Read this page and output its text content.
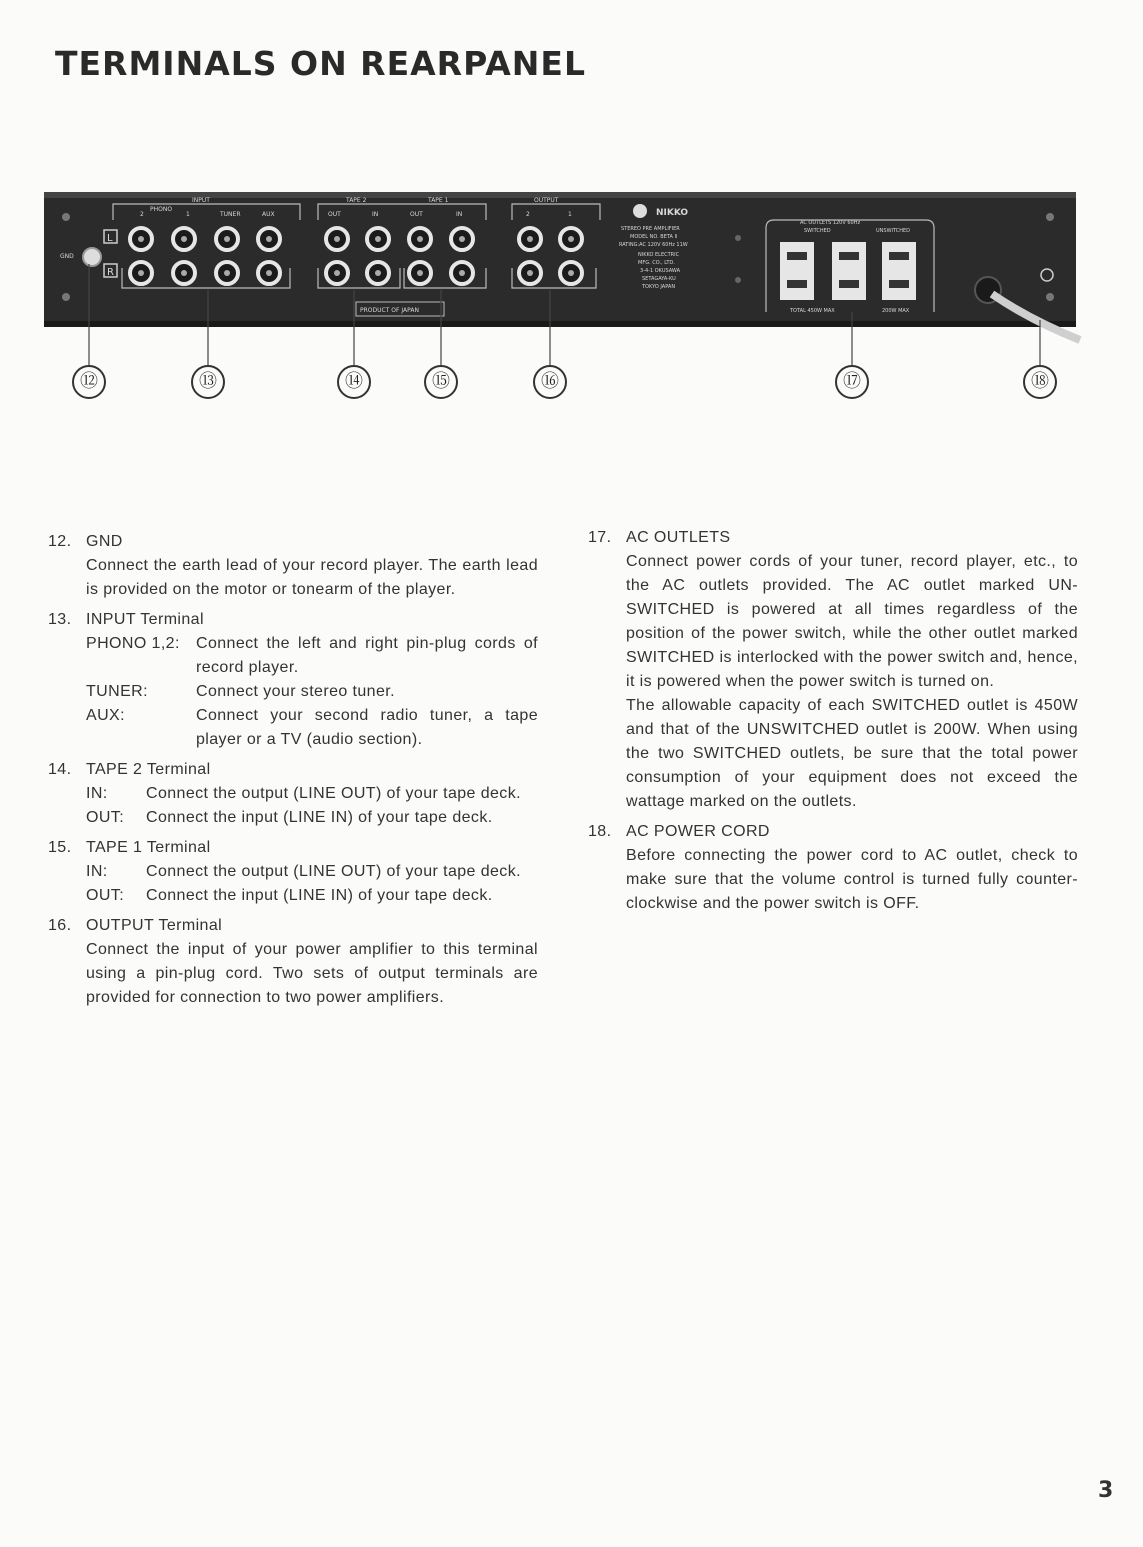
TERMINALS ON REARPANEL
GND
L
R
INPUT
PHONO
2	1	TUNER	AUX
TAPE 2	TAPE 1
OUT	IN	OUT	IN
PRODUCT OF JAPAN
OUTPUT
2	1	NIKKO
STEREO PRE AMPLIFIER
MODEL NO. BETA II
RATING:AC 120V 60Hz 11W
NIKKO ELECTRIC
MFG. CO., LTD.
3-4-1 OKUSAWA
SETAGAYA-KU
TOKYO JAPAN
AC OUTLETS 120V 60Hz
SWITCHED	UNSWITCHED
TOTAL 450W MAX	200W MAX
⑫	⑬	⑭	⑮	⑯	⑰	⑱
12. GND
Connect the earth lead of your record player. The earth lead is provided on the motor or tonearm of the player.
13. INPUT Terminal
PHONO 1,2:	Connect the left and right pin-plug cords of record player.
TUNER:	Connect your stereo tuner.
AUX:	Connect your second radio tuner, a tape player or a TV (audio section).
14. TAPE 2 Terminal
IN:	Connect the output (LINE OUT) of your tape deck.
OUT:	Connect the input (LINE IN) of your tape deck.
15. TAPE 1 Terminal
IN:	Connect the output (LINE OUT) of your tape deck.
OUT:	Connect the input (LINE IN) of your tape deck.
16. OUTPUT Terminal
Connect the input of your power amplifier to this terminal using a pin-plug cord. Two sets of output terminals are provided for connection to two power amplifiers.
17. AC OUTLETS
Connect power cords of your tuner, record player, etc., to the AC outlets provided. The AC outlet marked UN-SWITCHED is powered at all times regardless of the position of the power switch, while the other outlet marked SWITCHED is interlocked with the power switch and, hence, it is powered when the power switch is turned on.
The allowable capacity of each SWITCHED outlet is 450W and that of the UNSWITCHED outlet is 200W. When using the two SWITCHED outlets, be sure that the total power consumption of your equipment does not exceed the wattage marked on the outlets.
18. AC POWER CORD
Before connecting the power cord to AC outlet, check to make sure that the volume control is turned fully counter-clockwise and the power switch is OFF.
3
